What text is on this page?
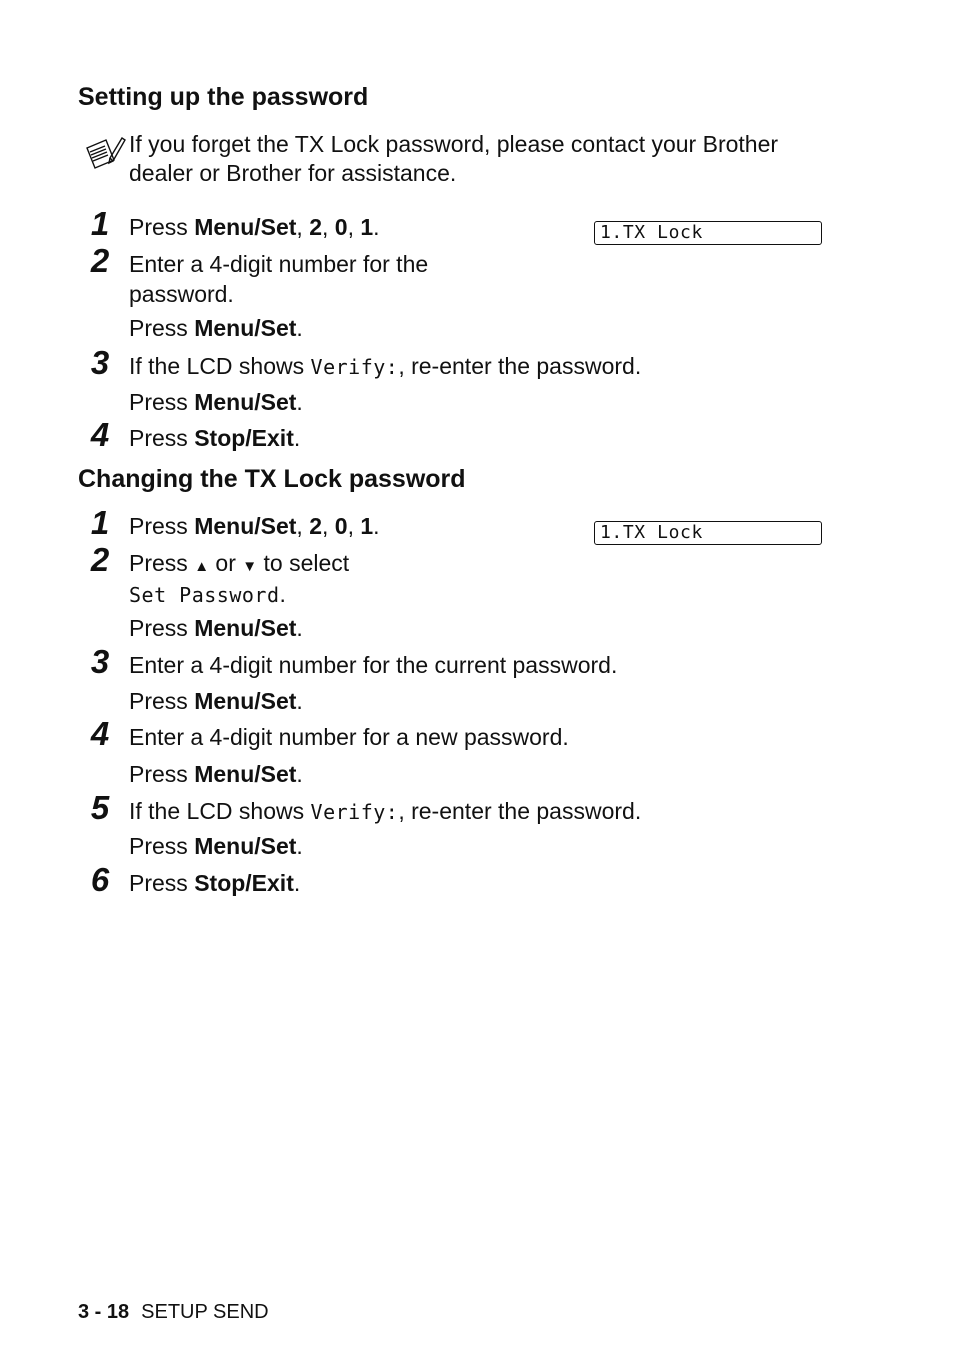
Setting up the password
If you forget the TX Lock password, please contact your Brother
dealer or Brother for assistance.
1.TX Lock
1 Press Menu/Set, 2, 0, 1.
2 Enter a 4-digit number for the
password.
Press Menu/Set.
3 If the LCD shows Verify:, re-enter the password.
Press Menu/Set.
4 Press Stop/Exit.
Changing the TX Lock password
1.TX Lock
1 Press Menu/Set, 2, 0, 1.
2 Press ▲ or ▼ to select
Set Password.
Press Menu/Set.
3 Enter a 4-digit number for the current password.
Press Menu/Set.
4 Enter a 4-digit number for a new password.
Press Menu/Set.
5 If the LCD shows Verify:, re-enter the password.
Press Menu/Set.
6 Press Stop/Exit.
3 - 18 SETUP SEND
